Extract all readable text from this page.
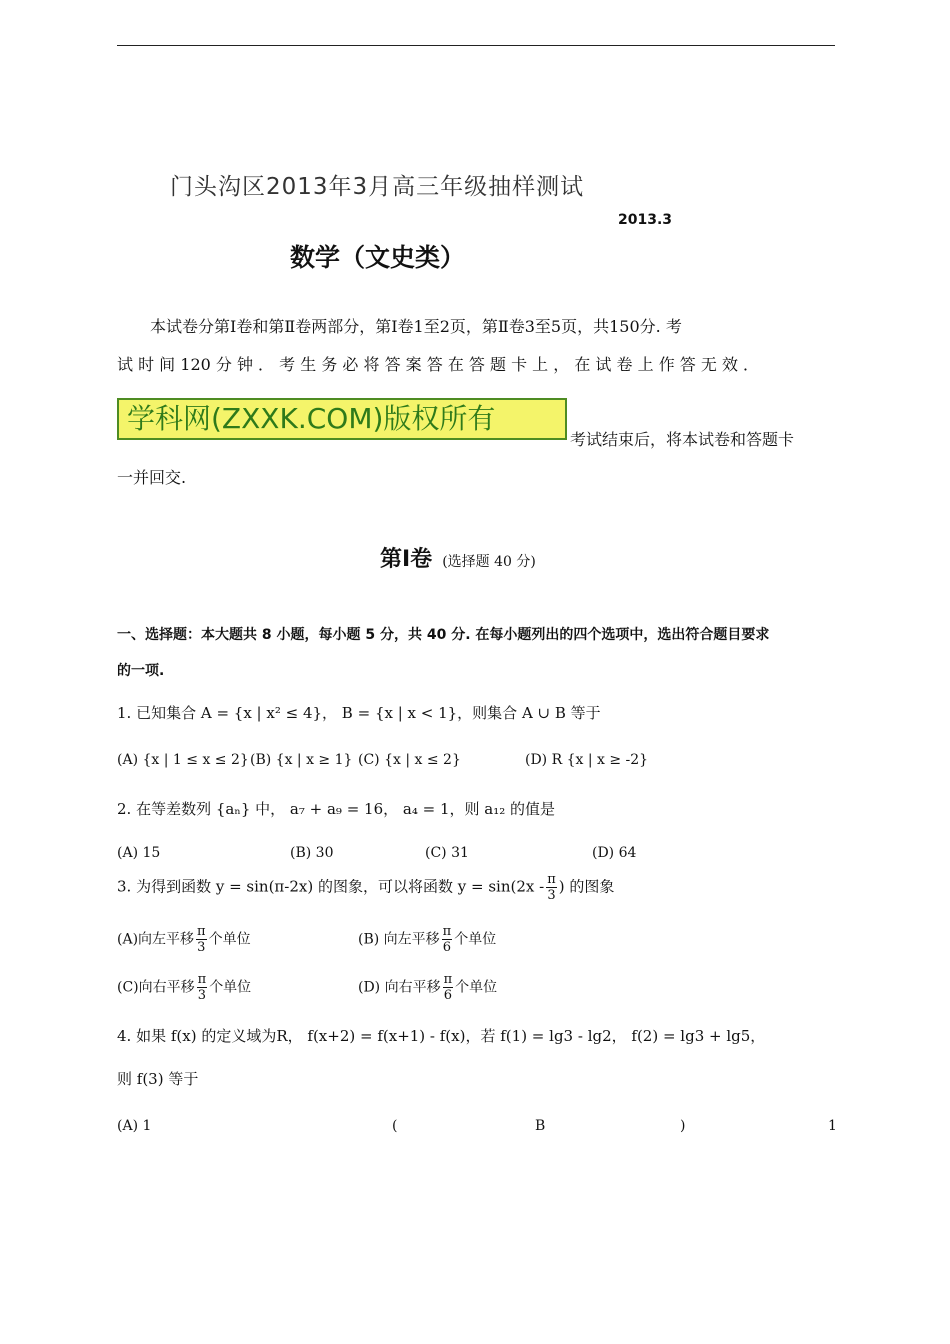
门头沟区2013年3月高三年级抽样测试
2013.3
数学（文史类）
本试卷分第Ⅰ卷和第Ⅱ卷两部分，第Ⅰ卷1至2页，第Ⅱ卷3至5页，共150分. 考
试 时 间 120 分 钟 ． 考 生 务 必 将 答 案 答 在 答 题 卡 上 ， 在 试 卷 上 作 答 无 效 ．
学科网(ZXXK.COM)版权所有
考试结束后，将本试卷和答题卡
一并回交.
第Ⅰ卷 (选择题 40 分)
一、选择题：本大题共 8 小题，每小题 5 分，共 40 分. 在每小题列出的四个选项中，选出符合题目要求
的一项.
1. 已知集合 A = {x | x² ≤ 4}， B = {x | x < 1}，则集合 A ∪ B 等于
(A) {x | 1 ≤ x ≤ 2} (B) {x | x ≥ 1} (C) {x | x ≤ 2}	(D) R {x | x ≥ -2}
2. 在等差数列 {aₙ} 中， a₇ + a₉ = 16， a₄ = 1，则 a₁₂ 的值是
(A) 15	(B) 30	(C) 31	(D) 64
3. 为得到函数 y = sin(π-2x) 的图象，可以将函数 $y = \sin(2x - \frac{\pi}{3}$ ) 的图象
(A)向左平移 $\frac{\pi}{3}$ 个单位	(B) 向左平移 $\frac{\pi}{6}$ 个单位
(C)向右平移 $\frac{\pi}{3}$ 个单位	(D) 向右平移 $\frac{\pi}{6}$ 个单位
4. 如果 f(x) 的定义域为R， f(x+2) = f(x+1) - f(x)，若 f(1) = lg3 - lg2， f(2) = lg3 + lg5，
则 f(3) 等于
(A) 1	(	B	)	1
